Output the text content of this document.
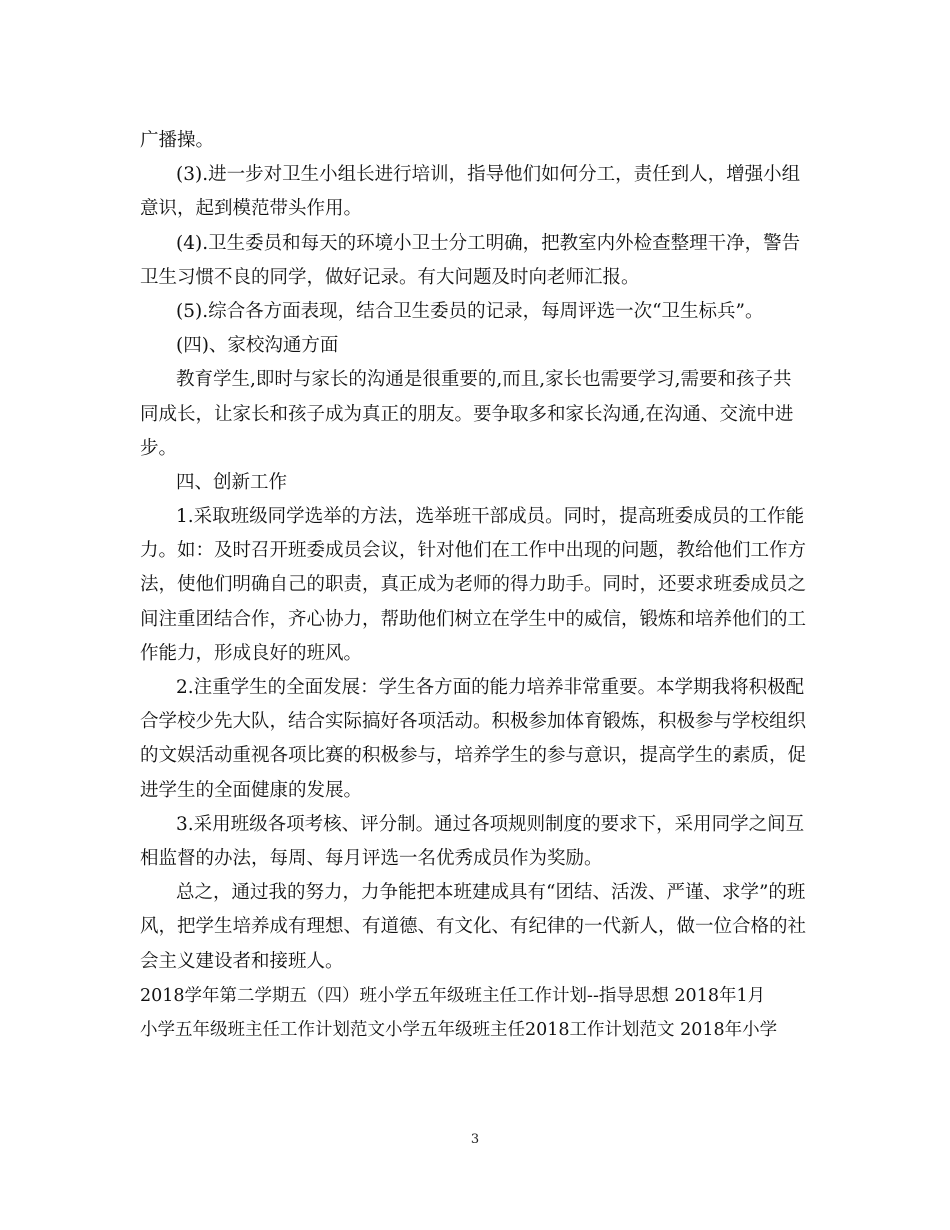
广播操。
(3).进一步对卫生小组长进行培训，指导他们如何分工，责任到人，增强小组
意识，起到模范带头作用。
(4).卫生委员和每天的环境小卫士分工明确，把教室内外检查整理干净，警告
卫生习惯不良的同学，做好记录。有大问题及时向老师汇报。
(5).综合各方面表现，结合卫生委员的记录，每周评选一次“卫生标兵”。
(四)、家校沟通方面
教育学生,即时与家长的沟通是很重要的,而且,家长也需要学习,需要和孩子共
同成长，让家长和孩子成为真正的朋友。要争取多和家长沟通,在沟通、交流中进
步。
四、创新工作
1.采取班级同学选举的方法，选举班干部成员。同时，提高班委成员的工作能
力。如：及时召开班委成员会议，针对他们在工作中出现的问题，教给他们工作方
法，使他们明确自己的职责，真正成为老师的得力助手。同时，还要求班委成员之
间注重团结合作，齐心协力，帮助他们树立在学生中的威信，锻炼和培养他们的工
作能力，形成良好的班风。
2.注重学生的全面发展：学生各方面的能力培养非常重要。本学期我将积极配
合学校少先大队，结合实际搞好各项活动。积极参加体育锻炼，积极参与学校组织
的文娱活动重视各项比赛的积极参与，培养学生的参与意识，提高学生的素质，促
进学生的全面健康的发展。
3.采用班级各项考核、评分制。通过各项规则制度的要求下，采用同学之间互
相监督的办法，每周、每月评选一名优秀成员作为奖励。
总之，通过我的努力，力争能把本班建成具有“团结、活泼、严谨、求学”的班
风，把学生培养成有理想、有道德、有文化、有纪律的一代新人，做一位合格的社
会主义建设者和接班人。
2018学年第二学期五（四）班小学五年级班主任工作计划--指导思想 2018年1月
小学五年级班主任工作计划范文小学五年级班主任2018工作计划范文 2018年小学
3
